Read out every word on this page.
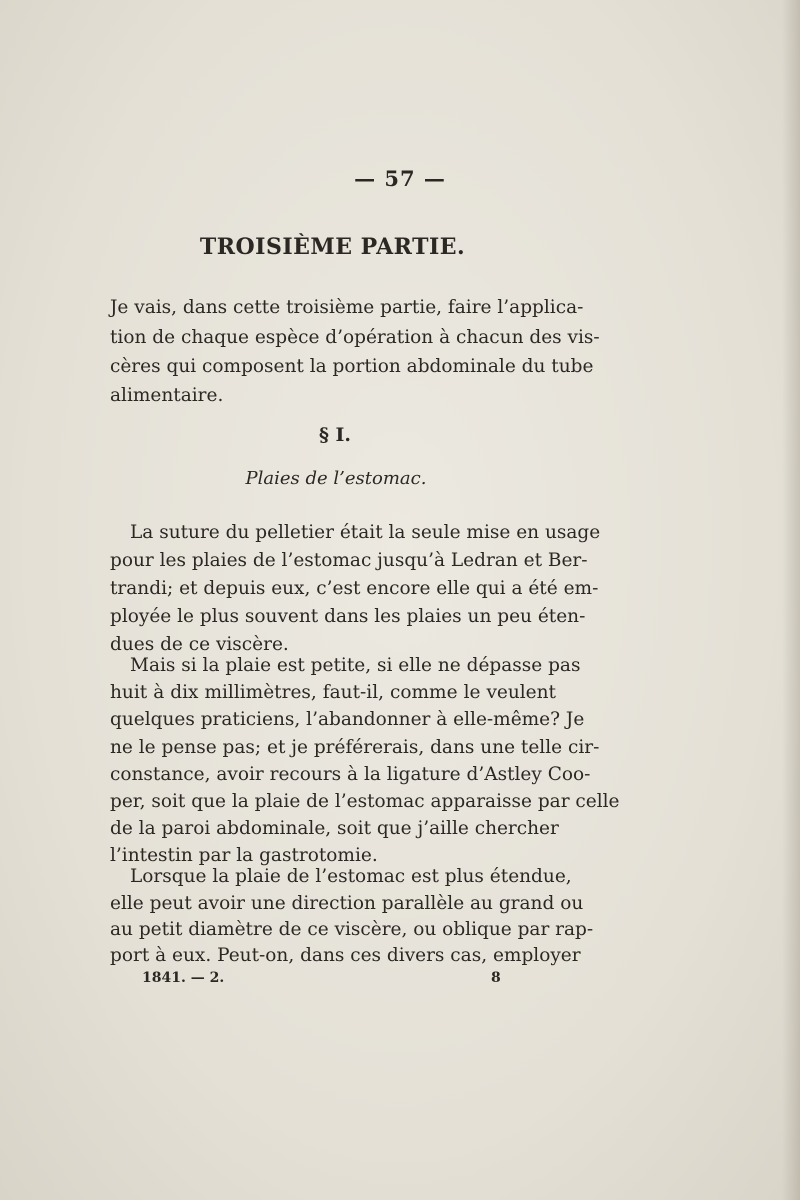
— 57 —
TROISIÈME PARTIE.
Je vais, dans cette troisième partie, faire l’applica-
tion de chaque espèce d’opération à chacun des vis-
cères qui composent la portion abdominale du tube
alimentaire.
§ I.
Plaies de l’estomac.
La suture du pelletier était la seule mise en usage
pour les plaies de l’estomac jusqu’à Ledran et Ber-
trandi; et depuis eux, c’est encore elle qui a été em-
ployée le plus souvent dans les plaies un peu éten-
dues de ce viscère.
Mais si la plaie est petite, si elle ne dépasse pas
huit à dix millimètres, faut-il, comme le veulent
quelques praticiens, l’abandonner à elle-même? Je
ne le pense pas; et je préférerais, dans une telle cir-
constance, avoir recours à la ligature d’Astley Coo-
per, soit que la plaie de l’estomac apparaisse par celle
de la paroi abdominale, soit que j’aille chercher
l’intestin par la gastrotomie.
Lorsque la plaie de l’estomac est plus étendue,
elle peut avoir une direction parallèle au grand ou
au petit diamètre de ce viscère, ou oblique par rap-
port à eux. Peut-on, dans ces divers cas, employer
1841. — 2.	8
